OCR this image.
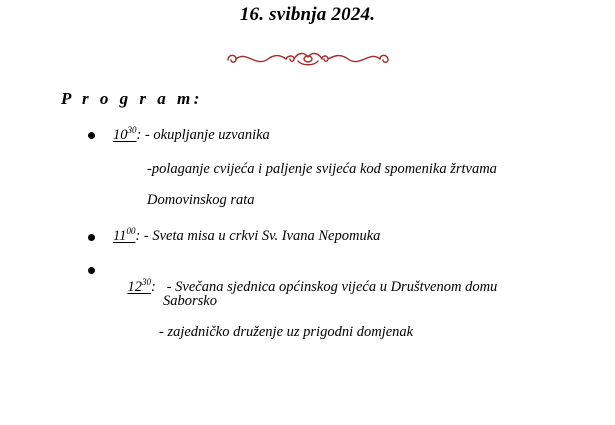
16. svibnja 2024.
P r o g r a m:
$10^{30}$: - okupljanje uzvanika
-polaganje cvijeća i paljenje svijeća kod spomenika žrtvama
Domovinskog rata
$11^{00}$: - Sveta misa u crkvi Sv. Ivana Nepomuka

$12^{30}$:   - Svečana sjednica općinskog vijeća u Društvenom domu

Saborsko
- zajedničko druženje uz prigodni domjenak
